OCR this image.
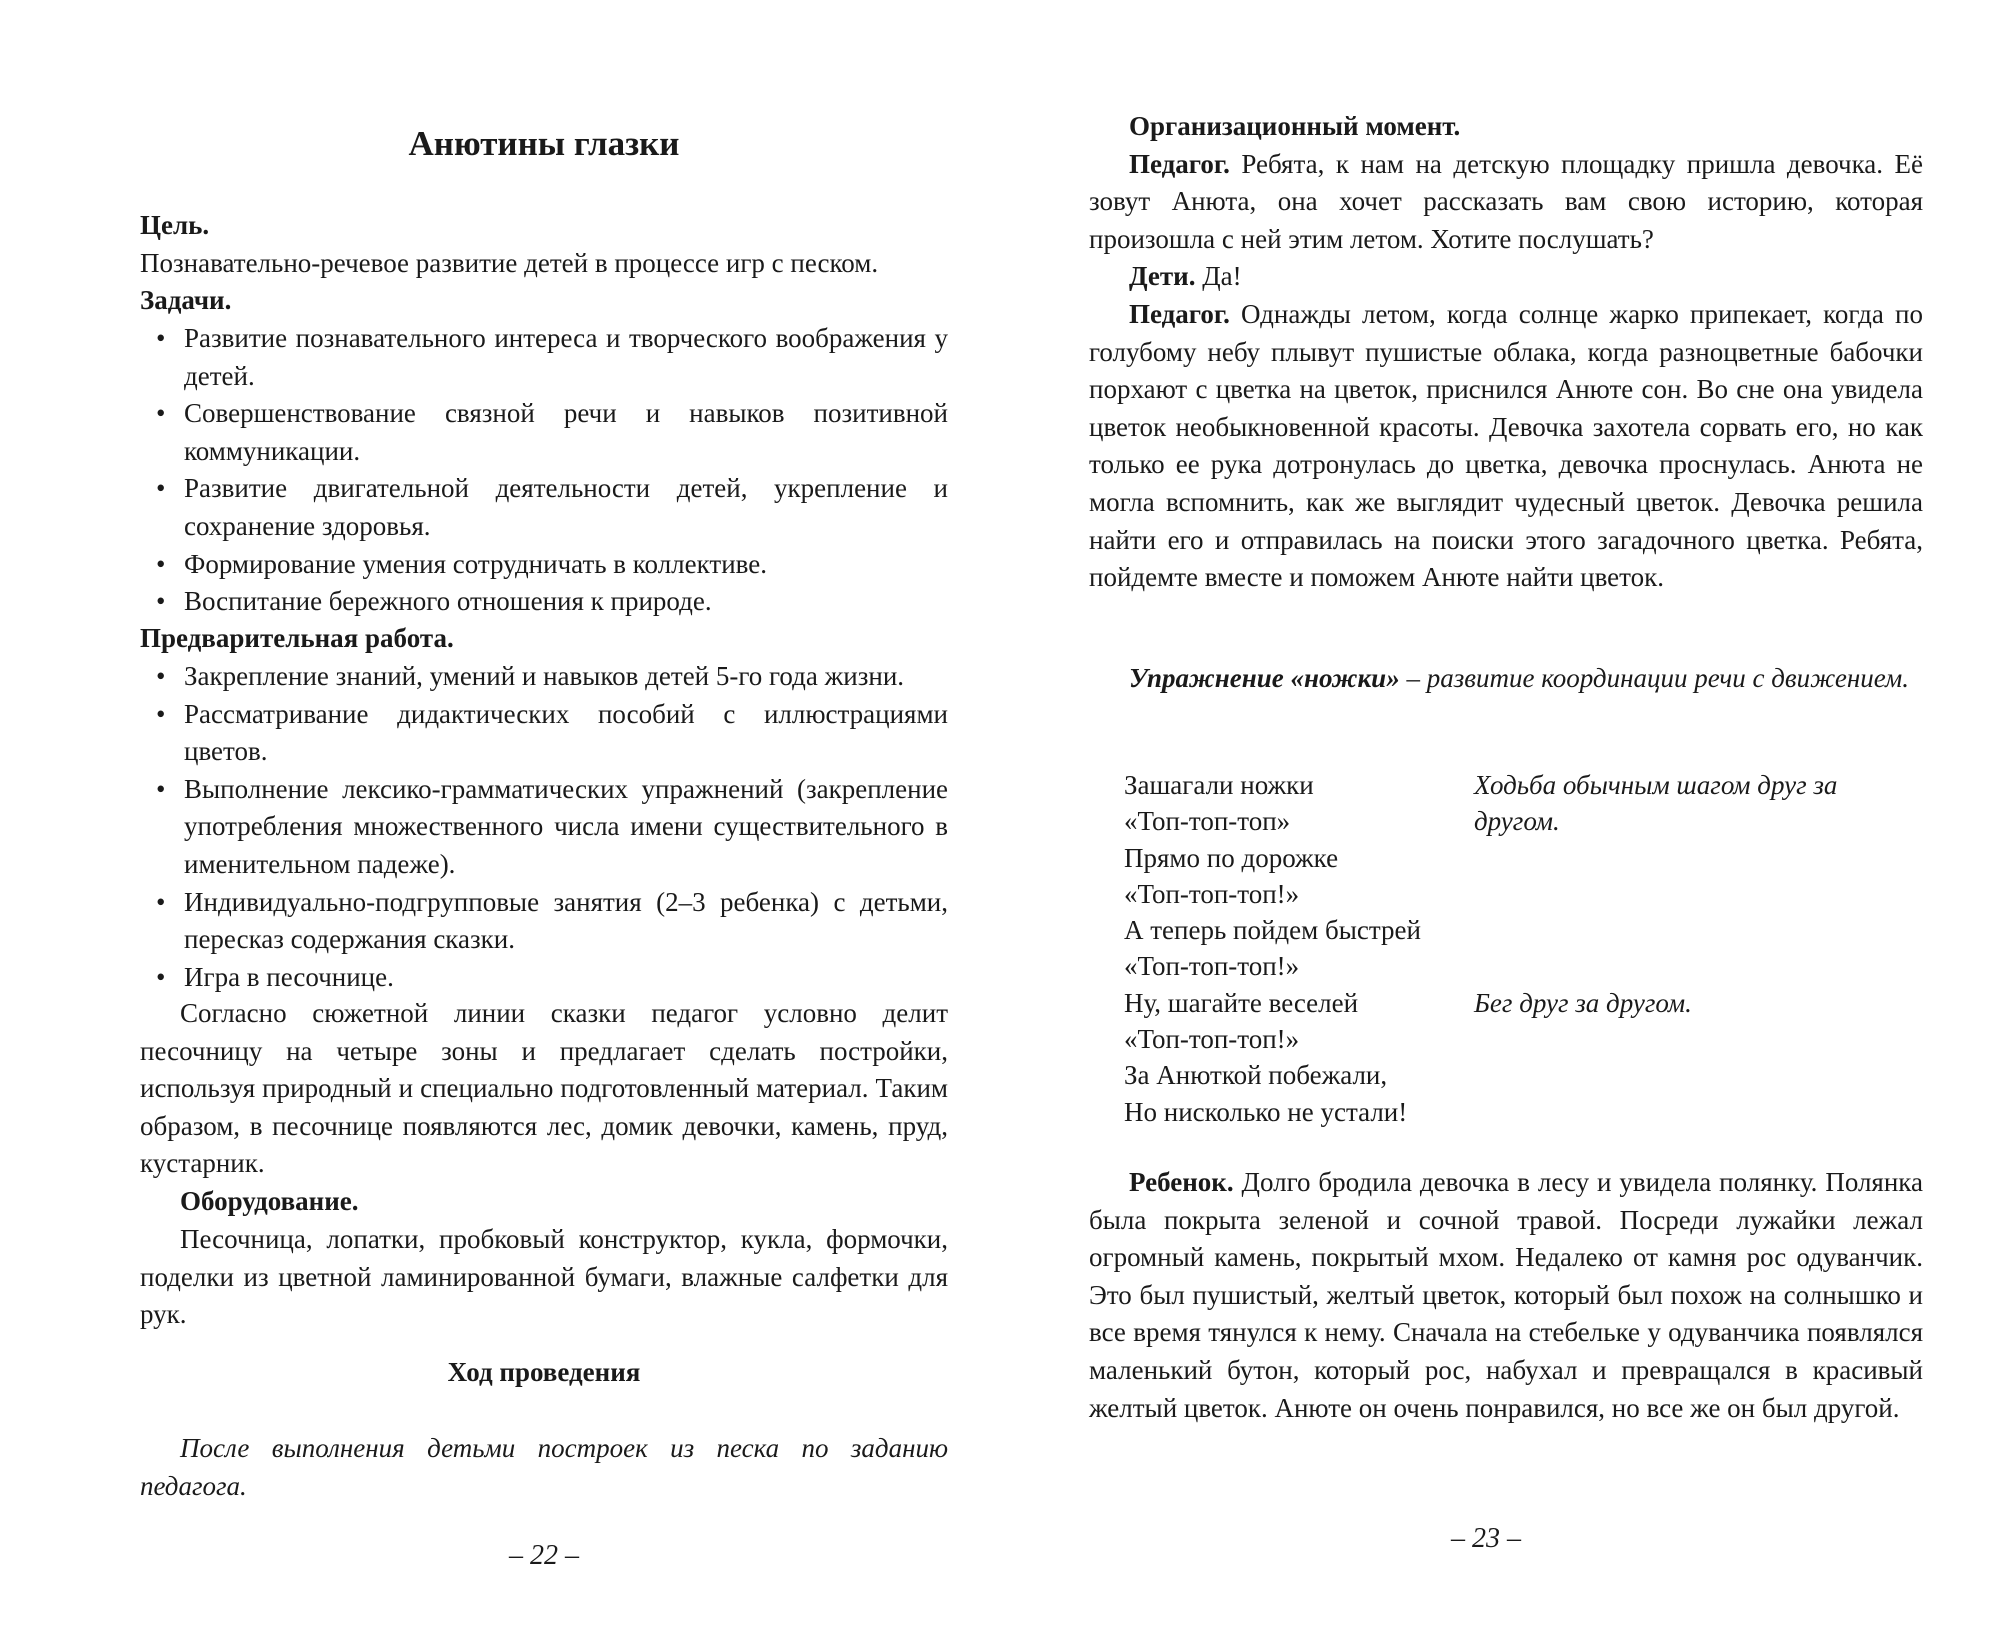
Анютины глазки

Цель.

Познавательно-речевое развитие детей в процессе игр с песком.

Задачи.

• Развитие познавательного интереса и творческого воображения у детей.
• Совершенствование связной речи и навыков позитивной коммуникации.
• Развитие двигательной деятельности детей, укрепление и сохранение здоровья.
• Формирование умения сотрудничать в коллективе.
• Воспитание бережного отношения к природе.

Предварительная работа.

• Закрепление знаний, умений и навыков детей 5-го года жизни.
• Рассматривание дидактических пособий с иллюстрациями цветов.
• Выполнение лексико-грамматических упражнений (закрепление употребления множественного числа имени существительного в именительном падеже).
• Индивидуально-подгрупповые занятия (2–3 ребенка) с детьми, пересказ содержания сказки.
• Игра в песочнице.

Согласно сюжетной линии сказки педагог условно делит песочницу на четыре зоны и предлагает сделать постройки, используя природный и специально подготовленный материал. Таким образом, в песочнице появляются лес, домик девочки, камень, пруд, кустарник.

Оборудование.

Песочница, лопатки, пробковый конструктор, кукла, формочки, поделки из цветной ламинированной бумаги, влажные салфетки для рук.

Ход проведения

После выполнения детьми построек из песка по заданию педагога.

– 22 –

Организационный момент.

Педагог. Ребята, к нам на детскую площадку пришла девочка. Её зовут Анюта, она хочет рассказать вам свою историю, которая произошла с ней этим летом. Хотите послушать?

Дети. Да!

Педагог. Однажды летом, когда солнце жарко припекает, когда по голубому небу плывут пушистые облака, когда разноцветные бабочки порхают с цветка на цветок, приснился Анюте сон. Во сне она увидела цветок необыкновенной красоты. Девочка захотела сорвать его, но как только ее рука дотронулась до цветка, девочка проснулась. Анюта не могла вспомнить, как же выглядит чудесный цветок. Девочка решила найти его и отправилась на поиски этого загадочного цветка. Ребята, пойдемте вместе и поможем Анюте найти цветок.

Упражнение «ножки» – развитие координации речи с движением.

Зашагали ножки	Ходьба обычным шагом друг за другом.
«Топ-топ-топ»
Прямо по дорожке
«Топ-топ-топ!»
А теперь пойдем быстрей
«Топ-топ-топ!»
Ну, шагайте веселей	Бег друг за другом.
«Топ-топ-топ!»
За Анюткой побежали,
Но нисколько не устали!

Ребенок. Долго бродила девочка в лесу и увидела полянку. Полянка была покрыта зеленой и сочной травой. Посреди лужайки лежал огромный камень, покрытый мхом. Недалеко от камня рос одуванчик. Это был пушистый, желтый цветок, который был похож на солнышко и все время тянулся к нему. Сначала на стебельке у одуванчика появлялся маленький бутон, который рос, набухал и превращался в красивый желтый цветок. Анюте он очень понравился, но все же он был другой.

– 23 –
